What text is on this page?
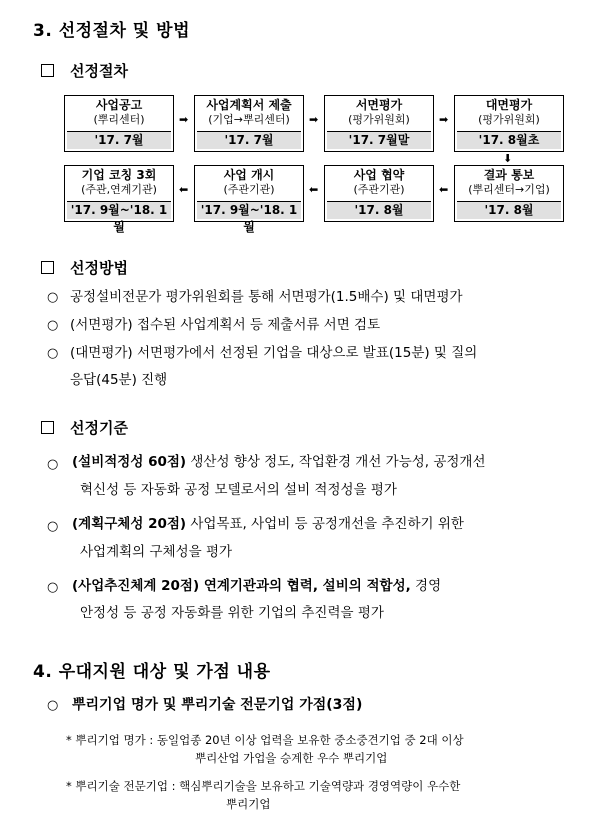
3. 선정절차 및 방법
선정절차
사업공고
(뿌리센터)
'17. 7월
➡
사업계획서 제출
(기업→뿌리센터)
'17. 7월
➡
서면평가
(평가위원회)
'17. 7월말
➡
대면평가
(평가위원회)
'17. 8월초
⬇
기업 코칭 3회
(주관,연계기관)
'17. 9월~'18. 1월
⬅
사업 개시
(주관기관)
'17. 9월~'18. 1월
⬅
사업 협약
(주관기관)
'17. 8월
⬅
결과 통보
(뿌리센터→기업)
'17. 8월
선정방법
○ 공정설비전문가 평가위원회를 통해 서면평가(1.5배수) 및 대면평가
○ (서면평가) 접수된 사업계획서 등 제출서류 서면 검토
○ (대면평가) 서면평가에서 선정된 기업을 대상으로 발표(15분) 및 질의
응답(45분) 진행
선정기준
○ (설비적정성 60점) 생산성 향상 정도, 작업환경 개선 가능성, 공정개선
혁신성 등 자동화 공정 모델로서의 설비 적정성을 평가
○ (계획구체성 20점) 사업목표, 사업비 등 공정개선을 추진하기 위한
사업계획의 구체성을 평가
○ (사업추진체계 20점) 연계기관과의 협력, 설비의 적합성, 경영
안정성 등 공정 자동화를 위한 기업의 추진력을 평가
4. 우대지원 대상 및 가점 내용
○ 뿌리기업 명가 및 뿌리기술 전문기업 가점(3점)
* 뿌리기업 명가 : 동일업종 20년 이상 업력을 보유한 중소중견기업 중 2대 이상
뿌리산업 가업을 승계한 우수 뿌리기업
* 뿌리기술 전문기업 : 핵심뿌리기술을 보유하고 기술역량과 경영역량이 우수한
뿌리기업
